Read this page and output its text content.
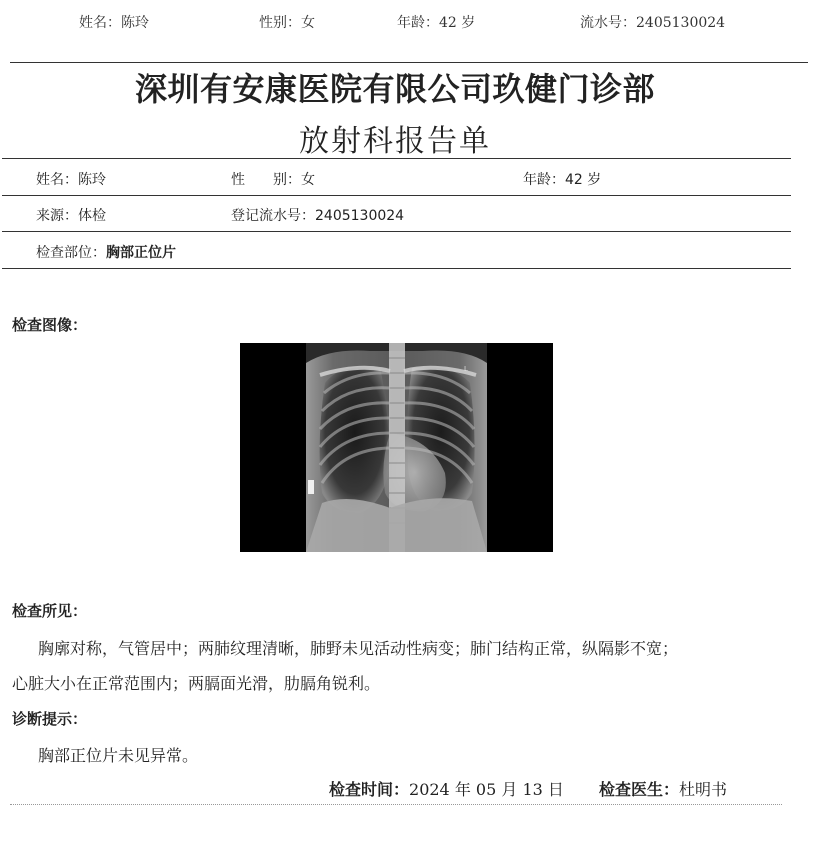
姓名：陈玲	性别：女	年龄：42 岁	流水号：2405130024
深圳有安康医院有限公司玖健门诊部
放射科报告单
姓名：陈玲	性　　别：女	年龄：42 岁
来源：体检	登记流水号：2405130024
检查部位：胸部正位片
检查图像：
L
检查所见：
胸廓对称，气管居中；两肺纹理清晰，肺野未见活动性病变；肺门结构正常，纵隔影不宽；
心脏大小在正常范围内；两膈面光滑，肋膈角锐利。
诊断提示：
胸部正位片未见异常。
检查时间：2024 年 05 月 13 日 检查医生：杜明书
